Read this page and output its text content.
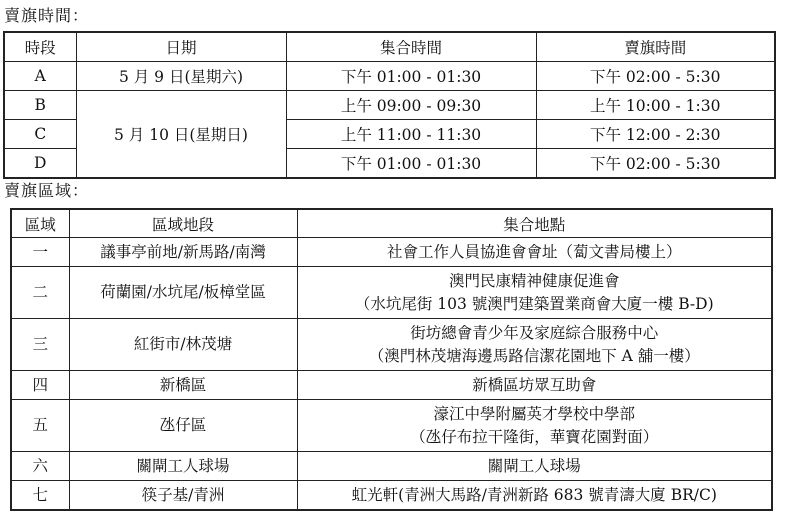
賣旗時間：
時段	日期	集合時間	賣旗時間
A	5 月 9 日(星期六)	下午 01:00 - 01:30	下午 02:00 - 5:30
B	5 月 10 日(星期日)	上午 09:00 - 09:30	上午 10:00 - 1:30
C		上午 11:00 - 11:30	下午 12:00 - 2:30
D		下午 01:00 - 01:30	下午 02:00 - 5:30
賣旗區域：
區域	區域地段	集合地點
一	議事亭前地/新馬路/南灣	社會工作人員協進會會址（蔔文書局樓上）

二	荷蘭園/水坑尾/板樟堂區	澳門民康精神健康促進會
（水坑尾街 103 號澳門建築置業商會大廈一樓 B-D)

三	紅街市/林茂塘	街坊總會青少年及家庭綜合服務中心
（澳門林茂塘海邊馬路信潔花園地下 A 舖一樓）

四	新橋區	新橋區坊眾互助會

五	氹仔區	濠江中學附屬英才學校中學部
（氹仔布拉干隆街，華寶花園對面）

六	關閘工人球場	關閘工人球場

七	筷子基/青洲	虹光軒(青洲大馬路/青洲新路 683 號青濤大廈 BR/C)
